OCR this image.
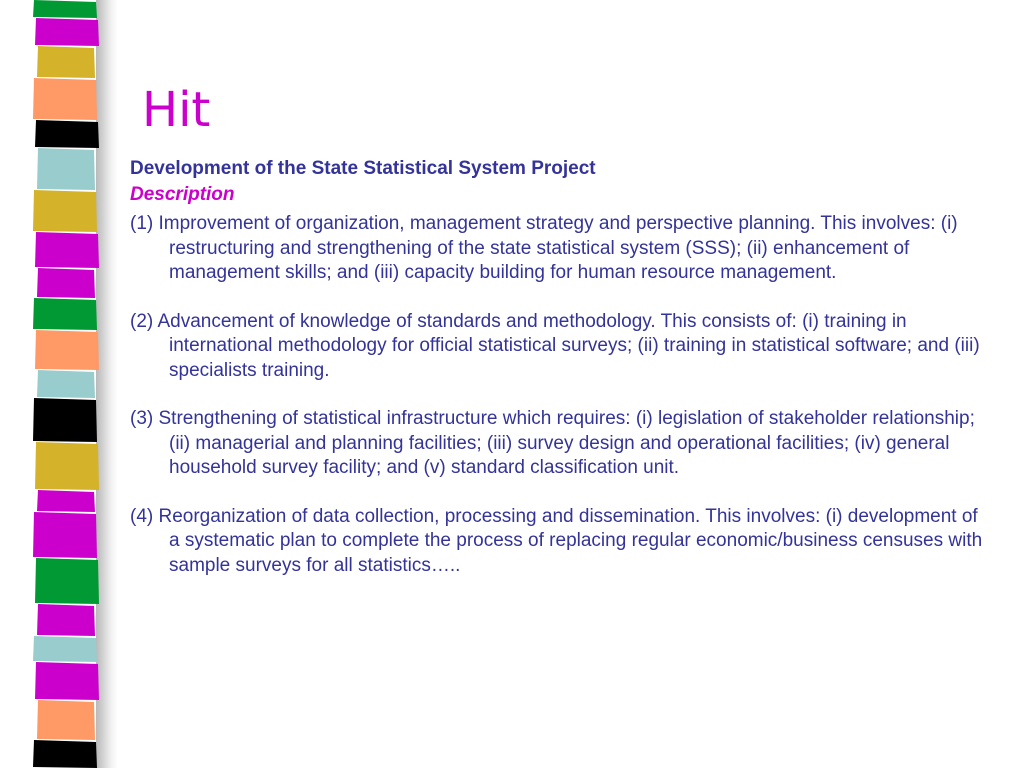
Hit

Development of the State Statistical System Project

Description

(1) Improvement of organization, management strategy and perspective planning. This involves: (i) restructuring and strengthening of the state statistical system (SSS); (ii) enhancement of management skills; and (iii) capacity building for human resource management.

(2) Advancement of knowledge of standards and methodology. This consists of: (i) training in international methodology for official statistical surveys; (ii) training in statistical software; and (iii) specialists training.

(3) Strengthening of statistical infrastructure which requires: (i) legislation of stakeholder relationship; (ii) managerial and planning facilities; (iii) survey design and operational facilities; (iv) general household survey facility; and (v) standard classification unit.

(4) Reorganization of data collection, processing and dissemination. This involves: (i) development of a systematic plan to complete the process of replacing regular economic/business censuses with sample surveys for all statistics…..
